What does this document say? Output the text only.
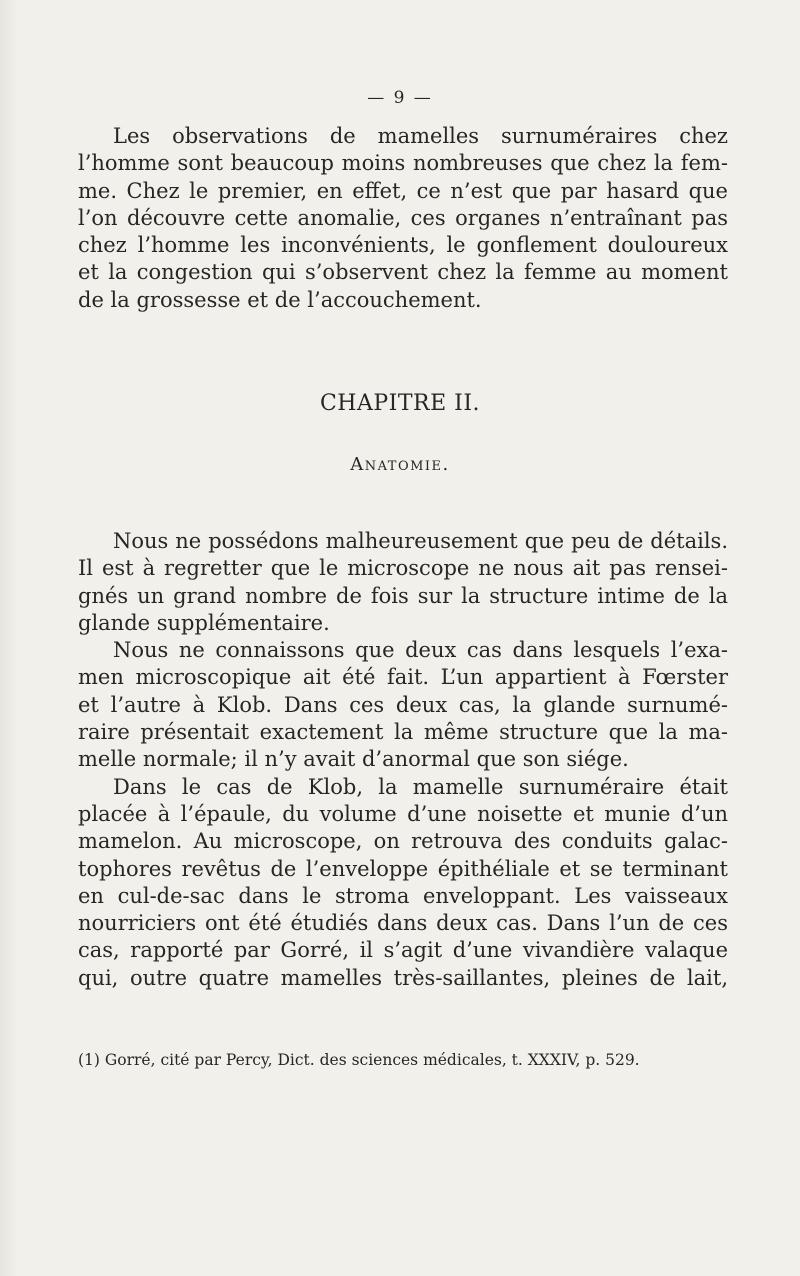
— 9 —
Les observations de mamelles surnuméraires chez
l’homme sont beaucoup moins nombreuses que chez la fem-
me. Chez le premier, en effet, ce n’est que par hasard que
l’on découvre cette anomalie, ces organes n’entraînant pas
chez l’homme les inconvénients, le gonflement douloureux
et la congestion qui s’observent chez la femme au moment
de la grossesse et de l’accouchement.
CHAPITRE II.
Anatomie.
Nous ne possédons malheureusement que peu de détails.
Il est à regretter que le microscope ne nous ait pas rensei-
gnés un grand nombre de fois sur la structure intime de la
glande supplémentaire.
Nous ne connaissons que deux cas dans lesquels l’exa-
men microscopique ait été fait. L’un appartient à Fœrster
et l’autre à Klob. Dans ces deux cas, la glande surnumé-
raire présentait exactement la même structure que la ma-
melle normale; il n’y avait d’anormal que son siége.
Dans le cas de Klob, la mamelle surnuméraire était
placée à l’épaule, du volume d’une noisette et munie d’un
mamelon. Au microscope, on retrouva des conduits galac-
tophores revêtus de l’enveloppe épithéliale et se terminant
en cul-de-sac dans le stroma enveloppant. Les vaisseaux
nourriciers ont été étudiés dans deux cas. Dans l’un de ces
cas, rapporté par Gorré, il s’agit d’une vivandière valaque
qui, outre quatre mamelles très-saillantes, pleines de lait,
(1) Gorré, cité par Percy, Dict. des sciences médicales, t. XXXIV, p. 529.
